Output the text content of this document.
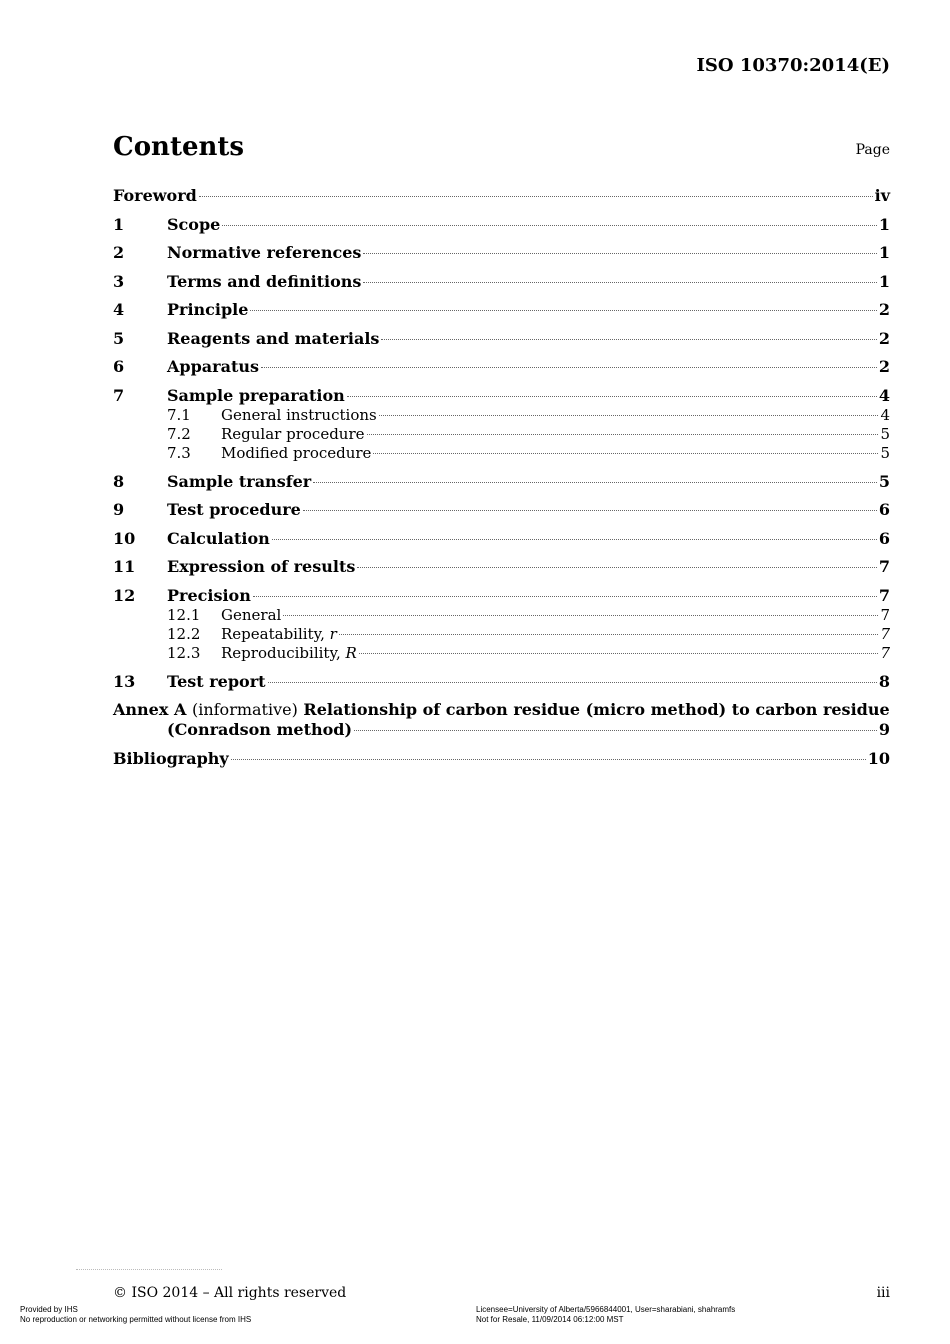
ISO 10370:2014(E)
Contents	Page
Foreword	iv
1	Scope	1
2	Normative references	1
3	Terms and definitions	1
4	Principle	2
5	Reagents and materials	2
6	Apparatus	2
7	Sample preparation	4
7.1	General instructions	4
7.2	Regular procedure	5
7.3	Modified procedure	5
8	Sample transfer	5
9	Test procedure	6
10	Calculation	6
11	Expression of results	7
12	Precision	7
12.1	General	7
12.2	Repeatability, r	7
12.3	Reproducibility, R	7
13	Test report	8
Annex A (informative) Relationship of carbon residue (micro method) to carbon residue
(Conradson method)	9
Bibliography	10
© ISO 2014 – All rights reserved	iii
Provided by IHS
No reproduction or networking permitted without license from IHS
Licensee=University of Alberta/5966844001, User=sharabiani, shahramfs
Not for Resale, 11/09/2014 06:12:00 MST
